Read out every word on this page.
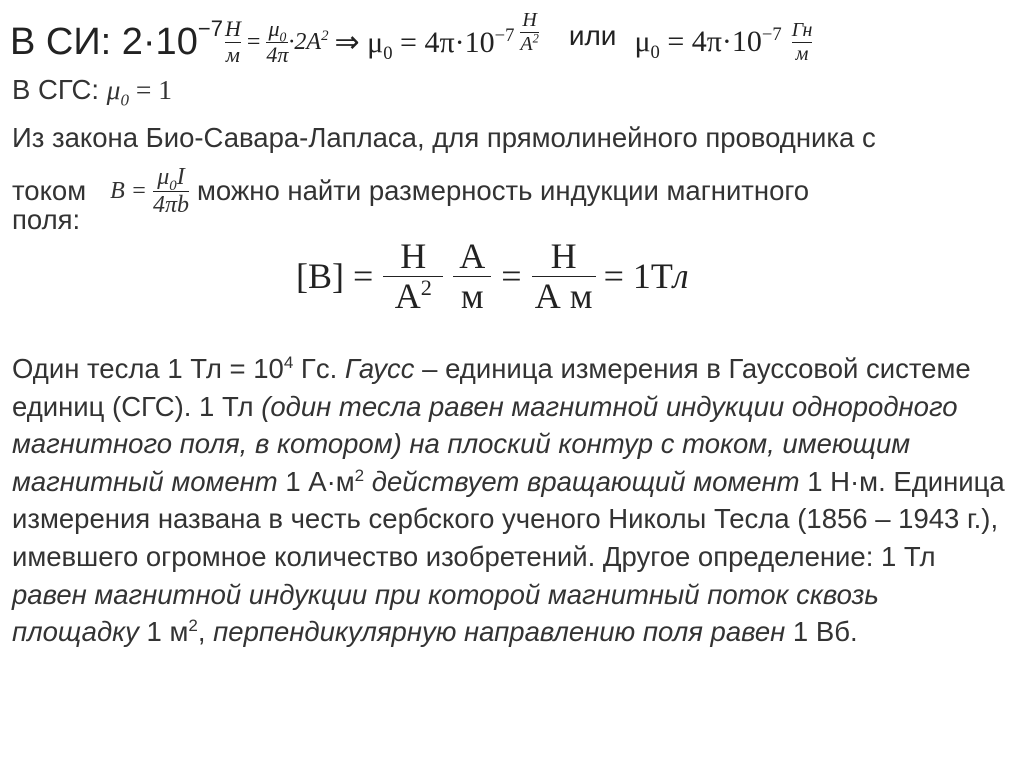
В СИ: $2\cdot 10 -7 \frac{Н}{м} = \frac{\mu_0}{4\pi} \cdot 2А^2$ ⇒ $\mu_0 = 4\pi\cdot 10^{-7} \frac{Н}{А^2}$ или $\mu_0 = 4\pi\cdot 10^{-7} \frac{Гн}{м}$
В СГС: $\mu_0 = 1$
Из закона Био-Савара-Лапласа, для прямолинейного проводника с
током $B = \frac{\mu_0I}{4\pi b}$ можно найти размерность индукции магнитного
поля:
$[B] = \frac{Н}{А^2} \frac{А}{м} = \frac{Н}{\text{А м}} = 1Тл$
Один тесла 1 Тл = $10^4$ Гс. Гаусс – единица измерения в Гауссовой системе единиц (СГС). 1 Тл (один тесла равен магнитной индукции однородного магнитного поля, в котором) на плоский контур с током, имеющим магнитный момент 1 $А\cdot м^2$ действует вращающий момент 1 Н·м. Единица измерения названа в честь сербского ученого Николы Тесла (1856 – 1943 г.), имевшего огромное количество изобретений. Другое определение: 1 Тл равен магнитной индукции при которой магнитный поток сквозь площадку 1 $м^2$, перпендикулярную направлению поля равен 1 Вб.
